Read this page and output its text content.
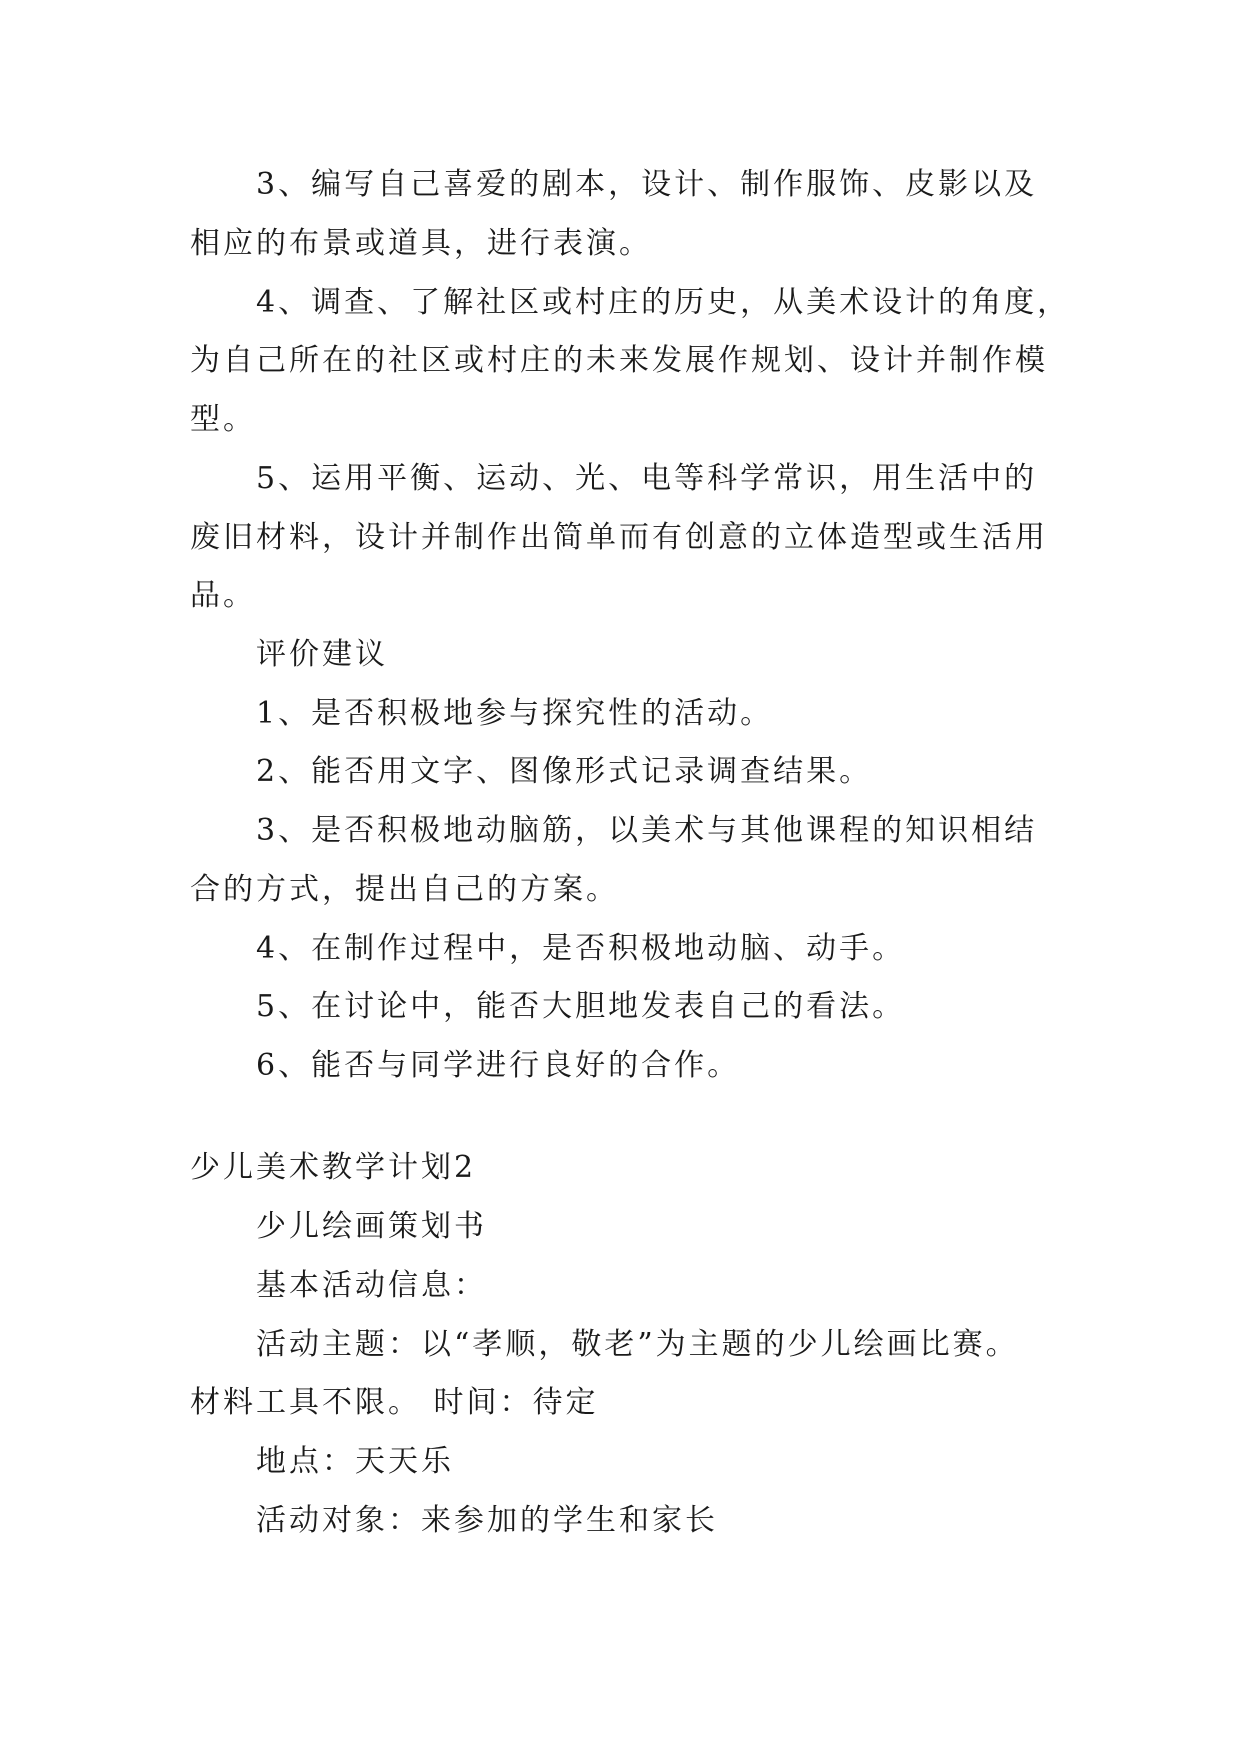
3、编写自己喜爱的剧本，设计、制作服饰、皮影以及
相应的布景或道具，进行表演。
4、调查、了解社区或村庄的历史，从美术设计的角度，
为自己所在的社区或村庄的未来发展作规划、设计并制作模
型。
5、运用平衡、运动、光、电等科学常识，用生活中的
废旧材料，设计并制作出简单而有创意的立体造型或生活用
品。
评价建议
1、是否积极地参与探究性的活动。
2、能否用文字、图像形式记录调查结果。
3、是否积极地动脑筋，以美术与其他课程的知识相结
合的方式，提出自己的方案。
4、在制作过程中，是否积极地动脑、动手。
5、在讨论中，能否大胆地发表自己的看法。
6、能否与同学进行良好的合作。
少儿美术教学计划2
少儿绘画策划书
基本活动信息：
活动主题：以“孝顺，敬老”为主题的少儿绘画比赛。
材料工具不限。 时间：待定
地点：天天乐
活动对象：来参加的学生和家长
